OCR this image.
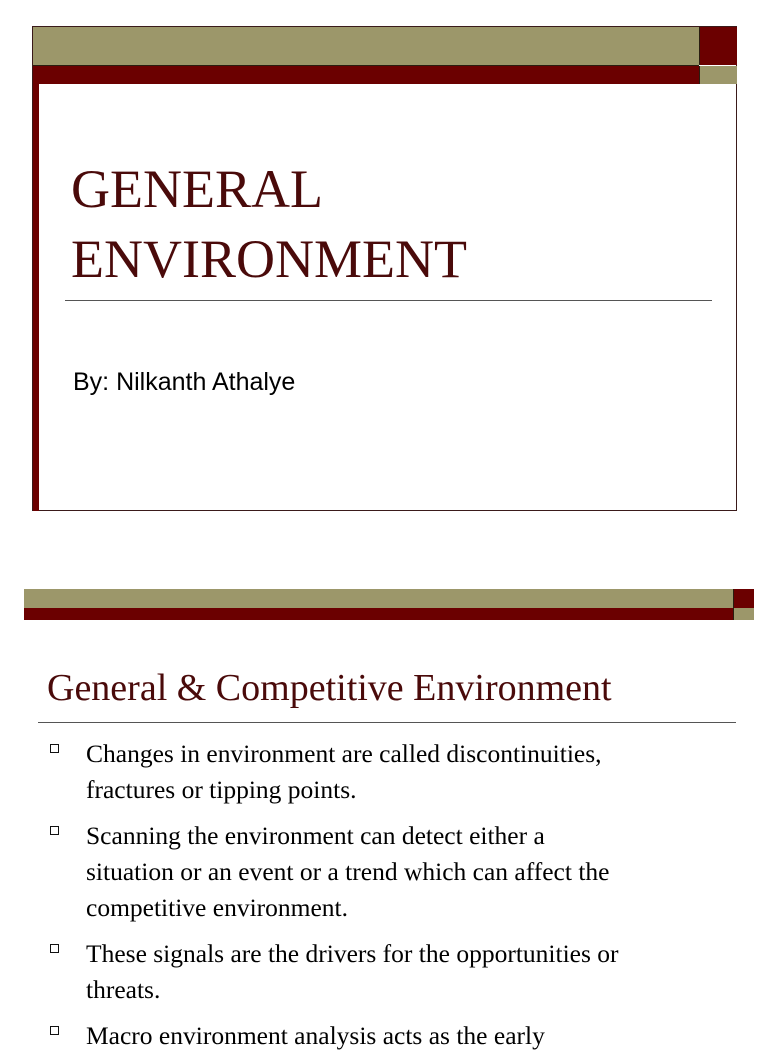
GENERAL
ENVIRONMENT
By: Nilkanth Athalye
General & Competitive Environment
Changes in environment are called discontinuities,
fractures or tipping points.
Scanning the environment can detect either a
situation or an event or a trend which can affect the
competitive environment.
These signals are the drivers for the opportunities or
threats.
Macro environment analysis acts as the early
